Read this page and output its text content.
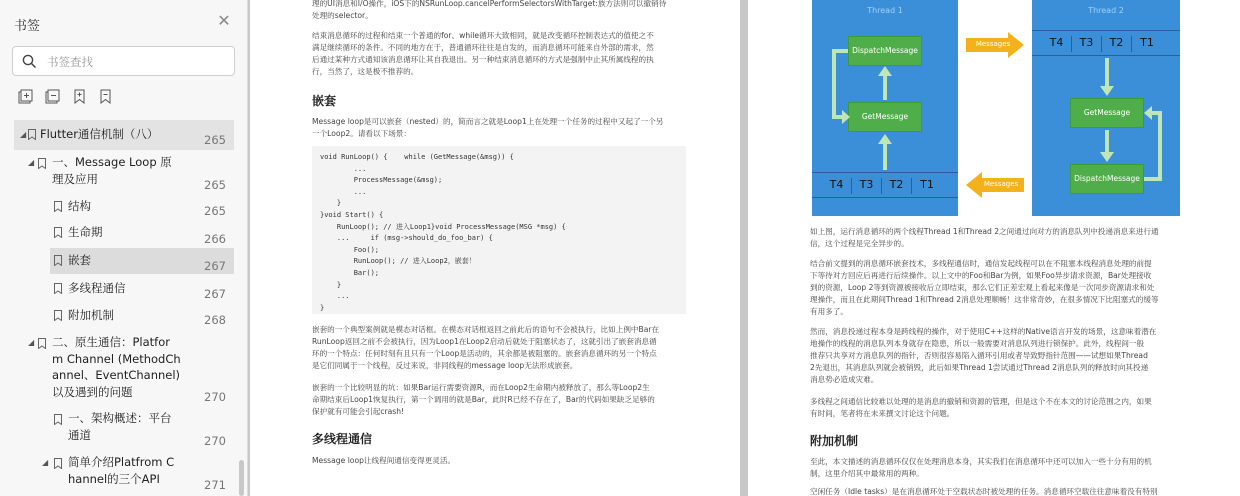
书签	✕
书签查找
◢ Flutter通信机制（八）	265
◢ 一、Message Loop 原
理及应用	265
结构	265
生命期	266
嵌套	267
多线程通信	267
附加机制	268
◢ 二、原生通信：Platfor
m Channel (MethodCh
annel、EventChannel)
以及遇到的问题	270
一、架构概述：平台
通道	270
◢ 简单介绍Platfrom C
hannel的三个API	271
理的UI消息和I/O操作，iOS下的NSRunLoop.cancelPerformSelectorsWithTarget:族方法则可以撤销待
处理的selector。
结束消息循环的过程和结束一个普通的for、while循环大致相同，就是改变循环控制表达式的值使之不
满足继续循环的条件。不同的地方在于，普通循环往往是自发的，而消息循环可能来自外部的需求，然
后通过某种方式通知该消息循环让其自我退出。另一种结束消息循环的方式是强制中止其所属线程的执
行，当然了，这是极不推荐的。
嵌套
Message loop是可以嵌套（nested）的，简而言之就是Loop1上在处理一个任务的过程中又起了一个另
一个Loop2。请看以下场景：
void RunLoop() {    while (GetMessage(&msg)) {
...
ProcessMessage(&msg);
...
}
}void Start() {
RunLoop(); // 进入Loop1}void ProcessMessage(MSG *msg) {
...     if (msg->should_do_foo_bar) {
Foo();
RunLoop(); // 进入Loop2，嵌套！
Bar();
}
...
}
嵌套的一个典型案例就是模态对话框。在模态对话框返回之前此后的语句不会被执行，比如上例中Bar在
RunLoop返回之前不会被执行，因为Loop1在Loop2启动后就处于阻塞状态了，这就引出了嵌套消息循
环的一个特点：任何时刻有且只有一个Loop是活动的，其余都是被阻塞的。嵌套消息循环的另一个特点
是它们同属于一个线程，反过来说，非同线程的message loop无法形成嵌套。
嵌套的一个比较明显的坑：如果Bar运行需要资源R，而在Loop2生命期内被释放了，那么等Loop2生
命期结束后Loop1恢复执行，第一个调用的就是Bar，此时R已经不存在了，Bar的代码如果缺乏足够的
保护就有可能会引起crash!
多线程通信
Message loop让线程间通信变得更灵活。
Thread 1
DispatchMessage
GetMessage
T4	T3	T2	T1
Messages
Messages
Thread 2
T4	T3	T2	T1
GetMessage
DispatchMessage
如上图，运行消息循环的两个线程Thread 1和Thread 2之间通过向对方的消息队列中投递消息来进行通
信，这个过程是完全异步的。
结合前文提到的消息循环嵌套技术，多线程通信时，通信发起线程可以在不阻塞本线程消息处理的前提
下等待对方回应后再进行后续操作。以上文中的Foo和Bar为例，如果Foo异步请求资源，Bar处理接收
到的资源，Loop 2等到资源被接收后立即结束，那么它们正差宏观上看起来像是一次同步资源请求和处
理操作，而且在此期间Thread 1和Thread 2消息处理顺畅！这非常奇妙，在很多情况下比阻塞式的缓等
有用多了。
然而，消息投递过程本身是跨线程的操作，对于使用C++这样的Native语言开发的场景，这意味着潜在
地操作的线程的消息队列本身就存在隐患，所以一般需要对消息队列进行锁保护。此外，线程间一般
推荐只共享对方消息队列的指针，否则很容易陷入循环引用或者导致野指针范围——试想如果Thread
2先退出，其消息队列就会被销毁，此后如果Thread 1尝试通过Thread 2消息队列的释放时向其投递
消息势必造成灾难。
多线程之间通信比较难以处理的是消息的撤销和资源的管理，但是这个不在本文的讨论范围之内，如果
有时间，笔者将在未来撰文讨论这个问题。
附加机制
至此，本文描述的消息循环仅仅在处理消息本身，其实我们在消息循环中还可以加入一些十分有用的机
制，这里介绍其中最常用的两种。
空闲任务（Idle tasks）是在消息循环处于空载状态时被处理的任务。消息循环空载往往意味着没有特别
